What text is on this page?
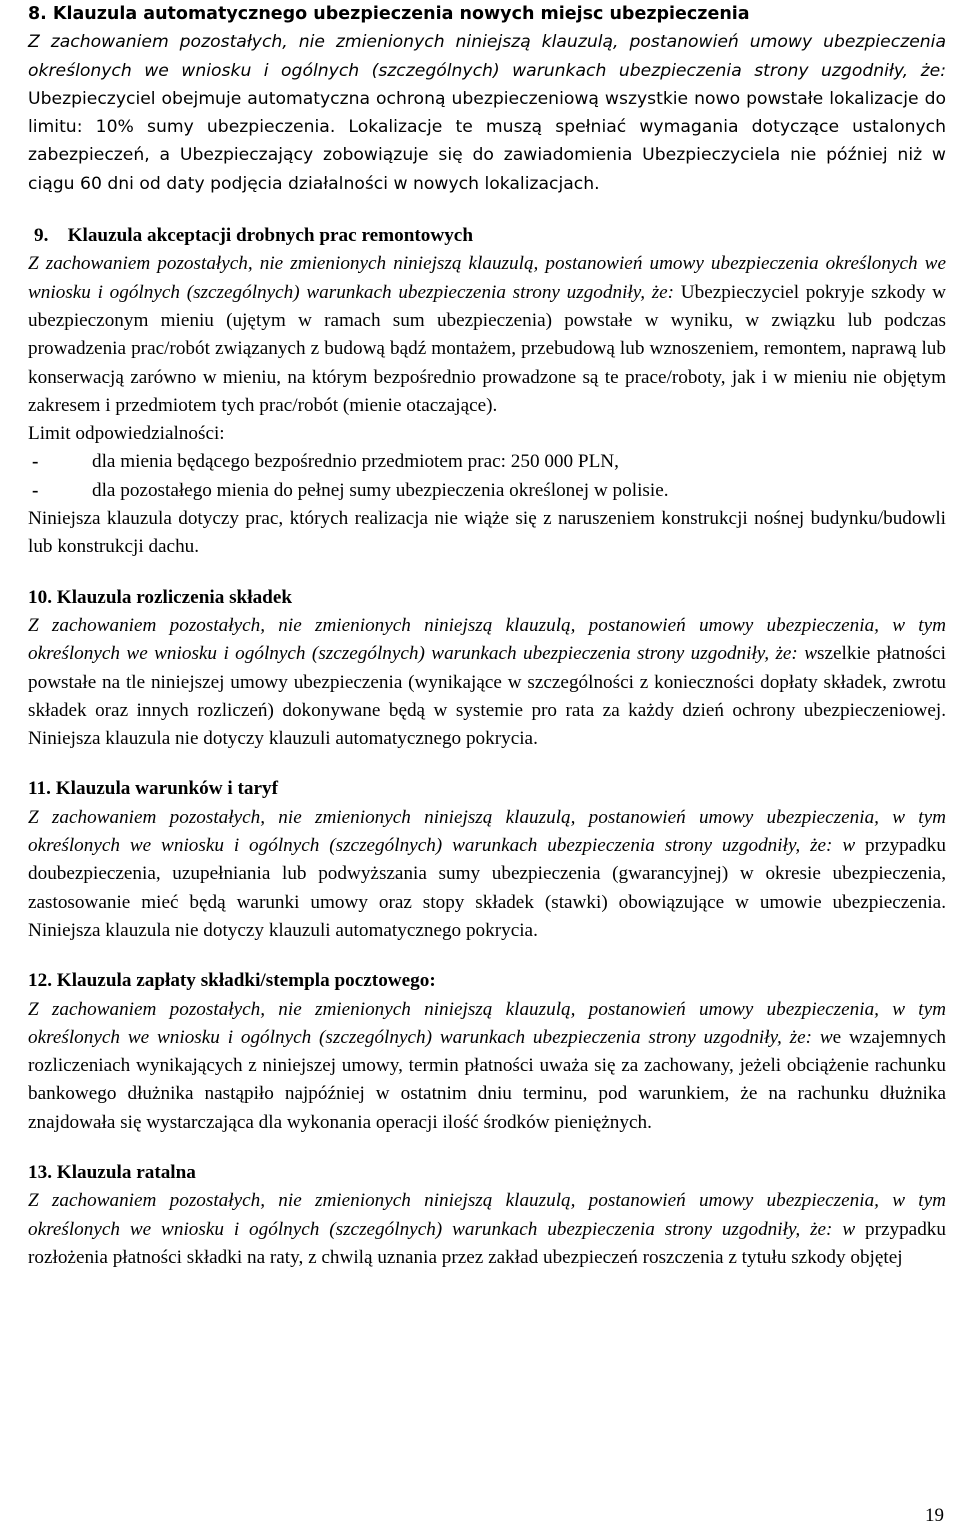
8. Klauzula automatycznego ubezpieczenia nowych miejsc ubezpieczenia

Z zachowaniem pozostałych, nie zmienionych niniejszą klauzulą, postanowień umowy ubezpieczenia określonych we wniosku i ogólnych (szczególnych) warunkach ubezpieczenia strony uzgodniły, że: Ubezpieczyciel obejmuje automatyczna ochroną ubezpieczeniową wszystkie nowo powstałe lokalizacje do limitu: 10% sumy ubezpieczenia. Lokalizacje te muszą spełniać wymagania dotyczące ustalonych zabezpieczeń, a Ubezpieczający zobowiązuje się do zawiadomienia Ubezpieczyciela nie później niż w ciągu 60 dni od daty podjęcia działalności w nowych lokalizacjach.

9. Klauzula akceptacji drobnych prac remontowych

Z zachowaniem pozostałych, nie zmienionych niniejszą klauzulą, postanowień umowy ubezpieczenia określonych we wniosku i ogólnych (szczególnych) warunkach ubezpieczenia strony uzgodniły, że: Ubezpieczyciel pokryje szkody w ubezpieczonym mieniu (ujętym w ramach sum ubezpieczenia) powstałe w wyniku, w związku lub podczas prowadzenia prac/robót związanych z budową bądź montażem, przebudową lub wznoszeniem, remontem, naprawą lub konserwacją zarówno w mieniu, na którym bezpośrednio prowadzone są te prace/roboty, jak i w mieniu nie objętym zakresem i przedmiotem tych prac/robót (mienie otaczające).

Limit odpowiedzialności:

-	dla mienia będącego bezpośrednio przedmiotem prac: 250 000 PLN,
-	dla pozostałego mienia do pełnej sumy ubezpieczenia określonej w polisie.

Niniejsza klauzula dotyczy prac, których realizacja nie wiąże się z naruszeniem konstrukcji nośnej budynku/budowli lub konstrukcji dachu.

10. Klauzula rozliczenia składek

Z zachowaniem pozostałych, nie zmienionych niniejszą klauzulą, postanowień umowy ubezpieczenia, w tym określonych we wniosku i ogólnych (szczególnych) warunkach ubezpieczenia strony uzgodniły, że: wszelkie płatności powstałe na tle niniejszej umowy ubezpieczenia (wynikające w szczególności z konieczności dopłaty składek, zwrotu składek oraz innych rozliczeń) dokonywane będą w systemie pro rata za każdy dzień ochrony ubezpieczeniowej. Niniejsza klauzula nie dotyczy klauzuli automatycznego pokrycia.

11. Klauzula warunków i taryf

Z zachowaniem pozostałych, nie zmienionych niniejszą klauzulą, postanowień umowy ubezpieczenia, w tym określonych we wniosku i ogólnych (szczególnych) warunkach ubezpieczenia strony uzgodniły, że: w przypadku doubezpieczenia, uzupełniania lub podwyższania sumy ubezpieczenia (gwarancyjnej) w okresie ubezpieczenia, zastosowanie mieć będą warunki umowy oraz stopy składek (stawki) obowiązujące w umowie ubezpieczenia. Niniejsza klauzula nie dotyczy klauzuli automatycznego pokrycia.

12. Klauzula zapłaty składki/stempla pocztowego:

Z zachowaniem pozostałych, nie zmienionych niniejszą klauzulą, postanowień umowy ubezpieczenia, w tym określonych we wniosku i ogólnych (szczególnych) warunkach ubezpieczenia strony uzgodniły, że: we wzajemnych rozliczeniach wynikających z niniejszej umowy, termin płatności uważa się za zachowany, jeżeli obciążenie rachunku bankowego dłużnika nastąpiło najpóźniej w ostatnim dniu terminu, pod warunkiem, że na rachunku dłużnika znajdowała się wystarczająca dla wykonania operacji ilość środków pieniężnych.

13. Klauzula ratalna

Z zachowaniem pozostałych, nie zmienionych niniejszą klauzulą, postanowień umowy ubezpieczenia, w tym określonych we wniosku i ogólnych (szczególnych) warunkach ubezpieczenia strony uzgodniły, że: w przypadku rozłożenia płatności składki na raty, z chwilą uznania przez zakład ubezpieczeń roszczenia z tytułu szkody objętej

19
